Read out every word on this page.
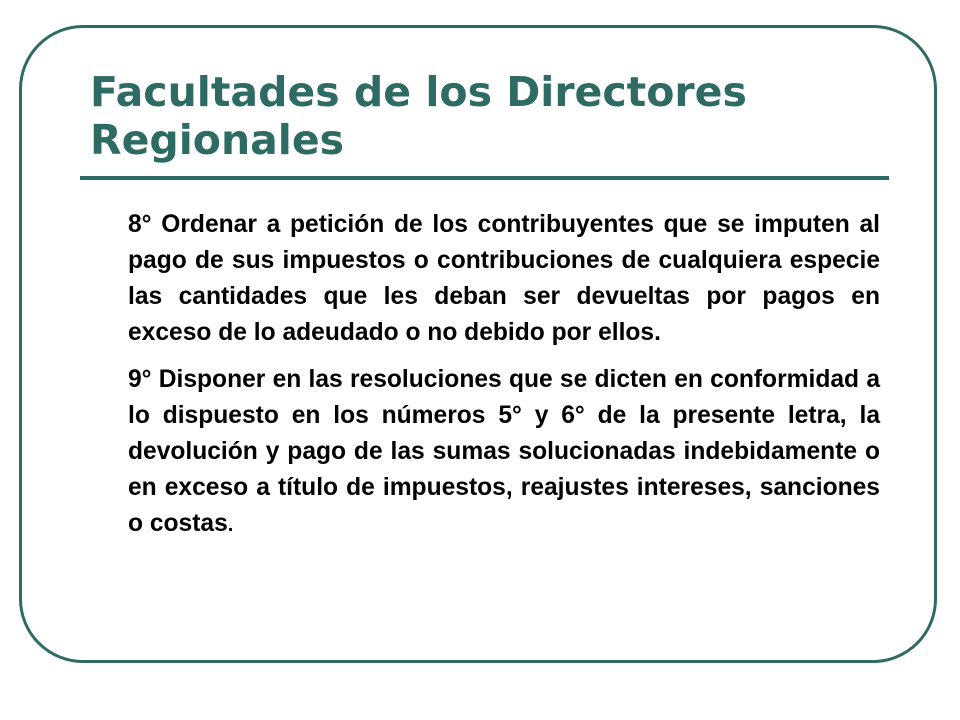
Facultades de los Directores Regionales

8° Ordenar a petición de los contribuyentes que se imputen al pago de sus impuestos o contribuciones de cualquiera especie las cantidades que les deban ser devueltas por pagos en exceso de lo adeudado o no debido por ellos.

9° Disponer en las resoluciones que se dicten en conformidad a lo dispuesto en los números 5° y 6° de la presente letra, la devolución y pago de las sumas solucionadas indebidamente o en exceso a título de impuestos, reajustes intereses, sanciones o costas.
